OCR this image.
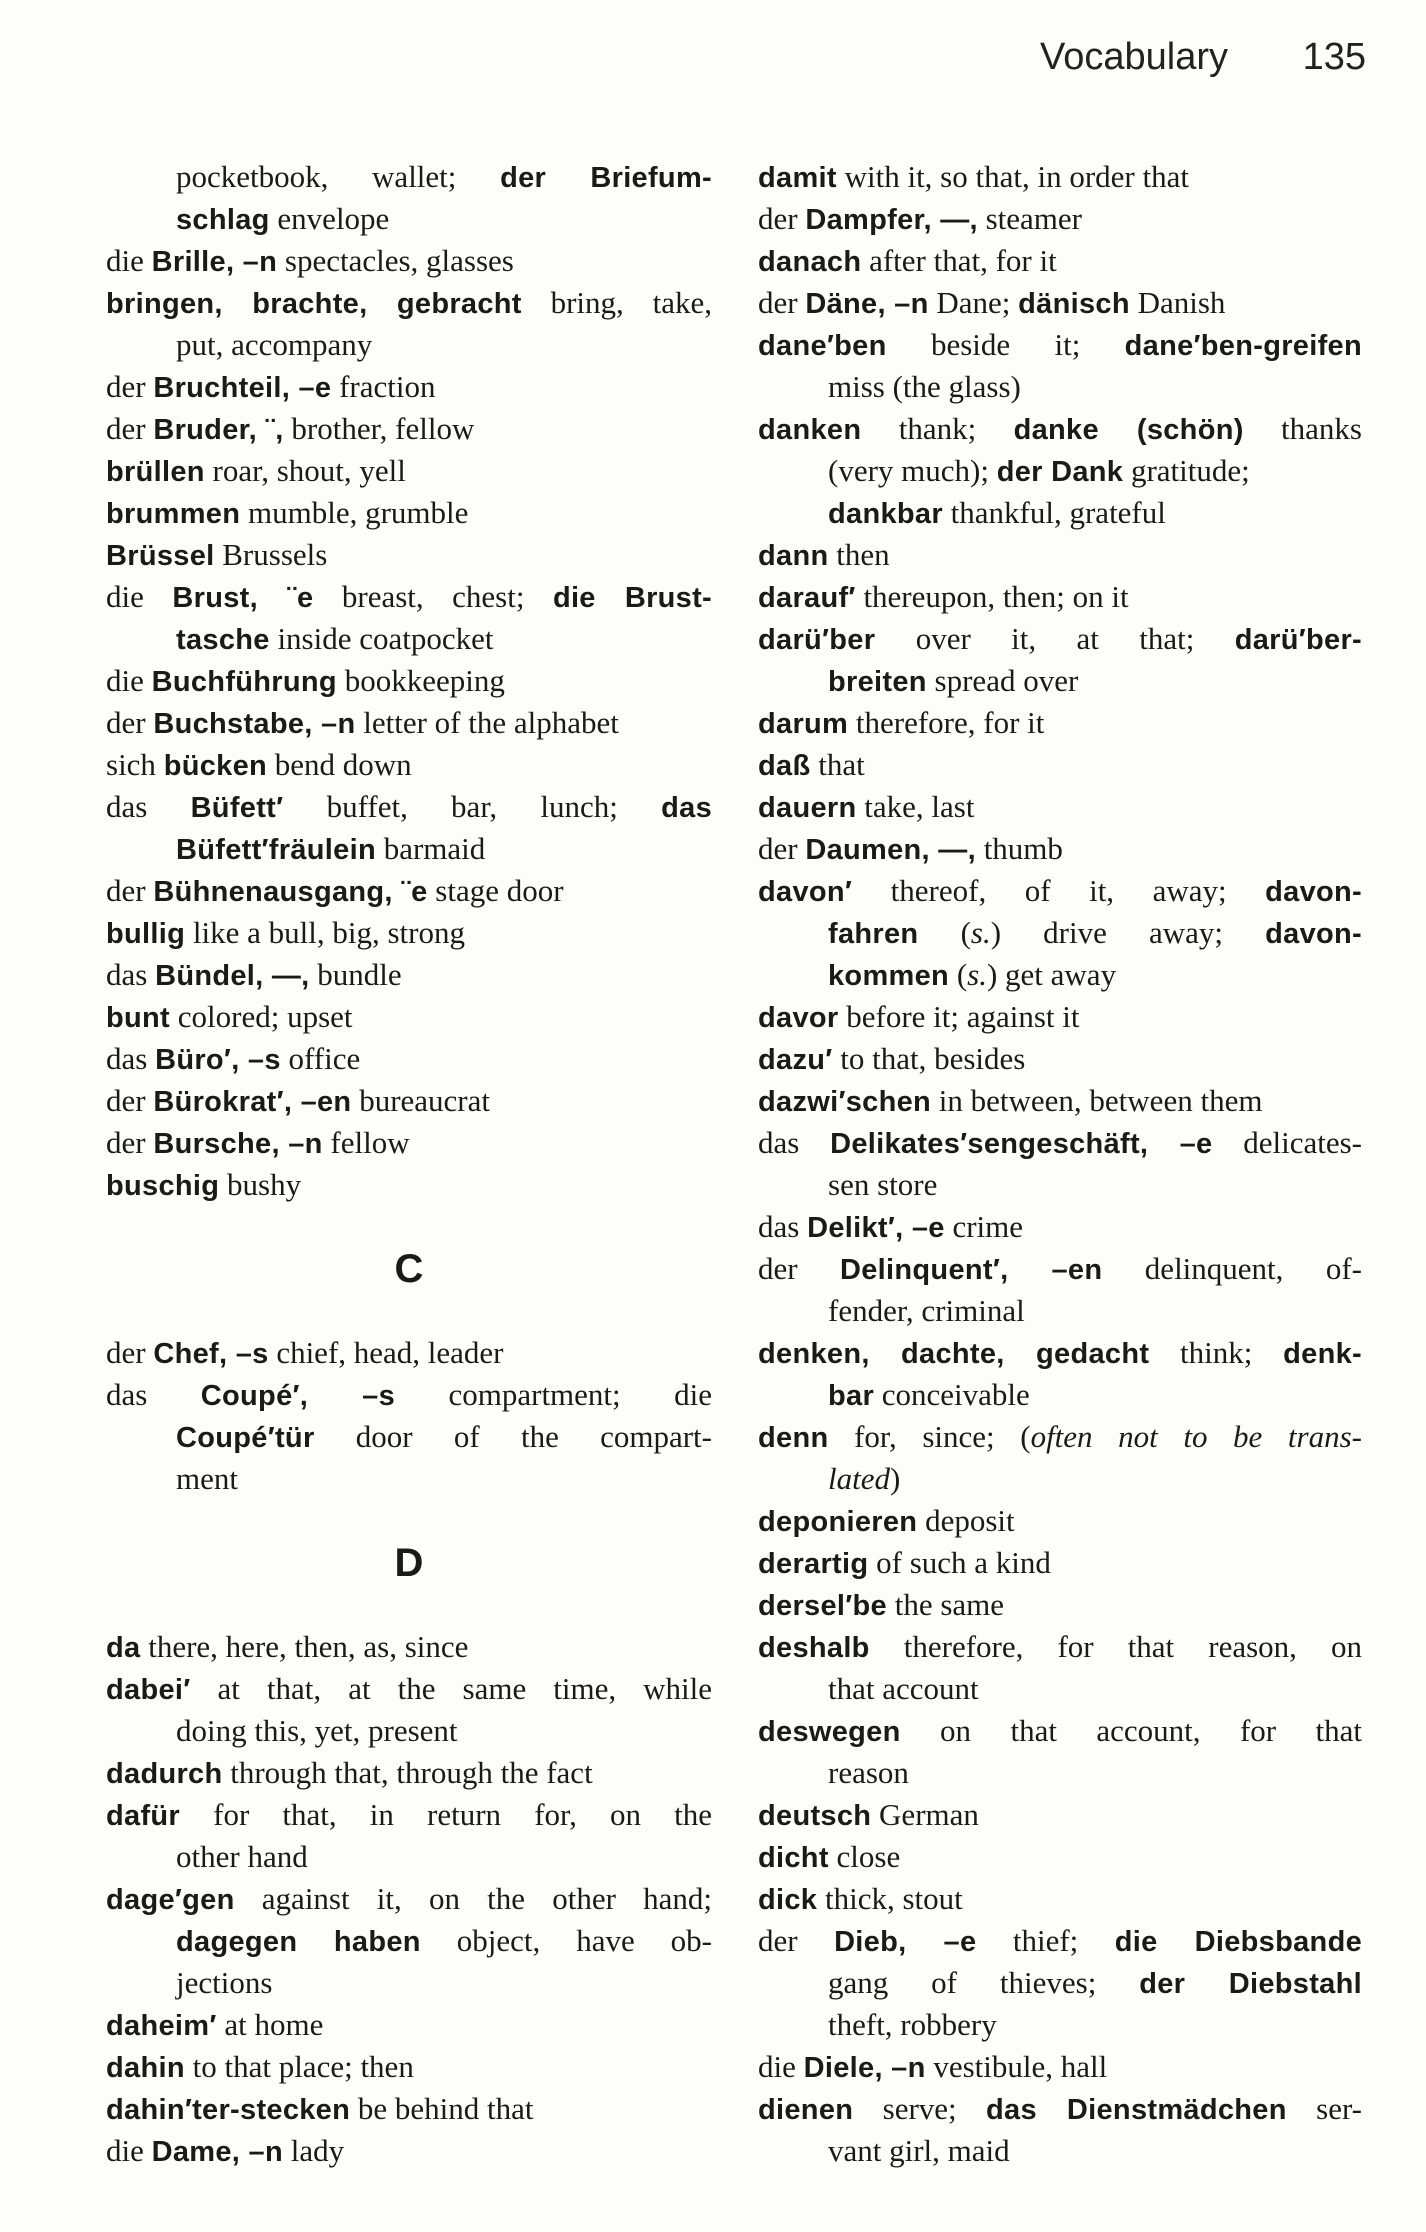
Vocabulary 135
pocketbook, wallet; der Briefum-
schlag envelope
die Brille, –n spectacles, glasses
bringen, brachte, gebracht bring, take,
put, accompany
der Bruchteil, –e fraction
der Bruder, ¨, brother, fellow
brüllen roar, shout, yell
brummen mumble, grumble
Brüssel Brussels
die Brust, ¨e breast, chest; die Brust-
tasche inside coatpocket
die Buchführung bookkeeping
der Buchstabe, –n letter of the alphabet
sich bücken bend down
das Büfett′ buffet, bar, lunch; das
Büfett′fräulein barmaid
der Bühnenausgang, ¨e stage door
bullig like a bull, big, strong
das Bündel, —, bundle
bunt colored; upset
das Büro′, –s office
der Bürokrat′, –en bureaucrat
der Bursche, –n fellow
buschig bushy
C
der Chef, –s chief, head, leader
das Coupé′, –s compartment; die
Coupé′tür door of the compart-
ment
D
da there, here, then, as, since
dabei′ at that, at the same time, while
doing this, yet, present
dadurch through that, through the fact
dafür for that, in return for, on the
other hand
dage′gen against it, on the other hand;
dagegen haben object, have ob-
jections
daheim′ at home
dahin to that place; then
dahin′ter-stecken be behind that
die Dame, –n lady
damit with it, so that, in order that
der Dampfer, —, steamer
danach after that, for it
der Däne, –n Dane; dänisch Danish
dane′ben beside it; dane′ben-greifen
miss (the glass)
danken thank; danke (schön) thanks
(very much); der Dank gratitude;
dankbar thankful, grateful
dann then
darauf′ thereupon, then; on it
darü′ber over it, at that; darü′ber-
breiten spread over
darum therefore, for it
daß that
dauern take, last
der Daumen, —, thumb
davon′ thereof, of it, away; davon-
fahren (s.) drive away; davon-
kommen (s.) get away
davor before it; against it
dazu′ to that, besides
dazwi′schen in between, between them
das Delikates′sengeschäft, –e delicates-
sen store
das Delikt′, –e crime
der Delinquent′, –en delinquent, of-
fender, criminal
denken, dachte, gedacht think; denk-
bar conceivable
denn for, since; (often not to be trans-
lated)
deponieren deposit
derartig of such a kind
dersel′be the same
deshalb therefore, for that reason, on
that account
deswegen on that account, for that
reason
deutsch German
dicht close
dick thick, stout
der Dieb, –e thief; die Diebsbande
gang of thieves; der Diebstahl
theft, robbery
die Diele, –n vestibule, hall
dienen serve; das Dienstmädchen ser-
vant girl, maid
